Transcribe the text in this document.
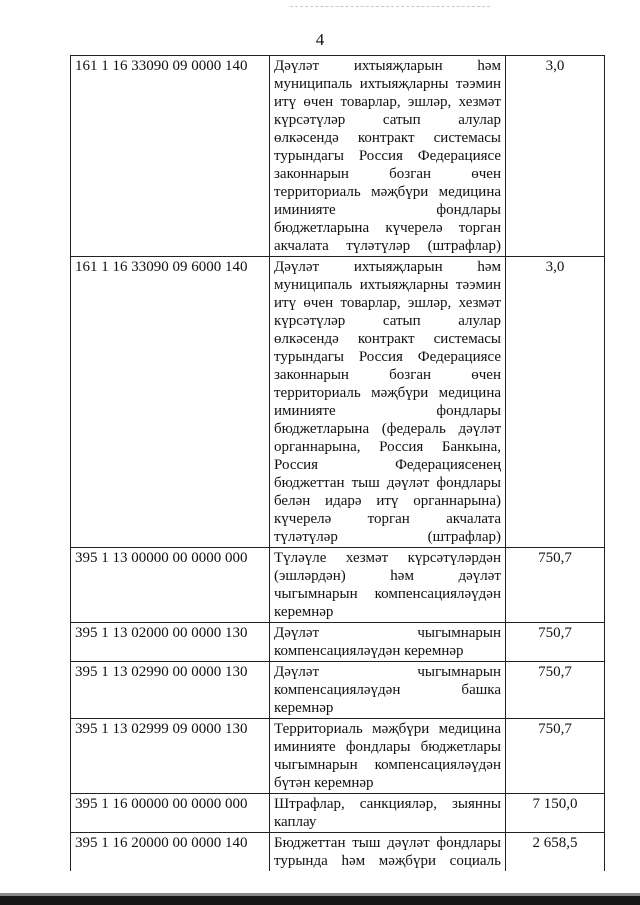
4
161 1 16 33090 09 0000 140	Дәүләт ихтыяҗларын һәм муниципаль ихтыяҗларны тәэмин итү өчен товарлар, эшләр, хезмәт күрсәтүләр сатып алулар өлкәсендә контракт системасы турындагы Россия Федерациясе законнарын бозган өчен территориаль мәҗбүри медицина иминияте фондлары бюджетларына күчерелә торган акчалата түләтүләр (штрафлар)	3,0
161 1 16 33090 09 6000 140	Дәүләт ихтыяҗларын һәм муниципаль ихтыяҗларны тәэмин итү өчен товарлар, эшләр, хезмәт күрсәтүләр сатып алулар өлкәсендә контракт системасы турындагы Россия Федерациясе законнарын бозган өчен территориаль мәҗбүри медицина иминияте фондлары бюджетларына (федераль дәүләт органнарына, Россия Банкына, Россия Федерациясенең бюджеттан тыш дәүләт фондлары белән идарә итү органнарына) күчерелә торган акчалата түләтүләр (штрафлар)	3,0
395 1 13 00000 00 0000 000	Түләүле хезмәт күрсәтүләрдән (эшләрдән) һәм дәүләт чыгымнарын компенсацияләүдән керемнәр	750,7
395 1 13 02000 00 0000 130	Дәүләт чыгымнарын компенсацияләүдән керемнәр	750,7
395 1 13 02990 00 0000 130	Дәүләт чыгымнарын компенсацияләүдән башка керемнәр	750,7
395 1 13 02999 09 0000 130	Территориаль мәҗбүри медицина иминияте фондлары бюджетлары чыгымнарын компенсацияләүдән бүтән керемнәр	750,7
395 1 16 00000 00 0000 000	Штрафлар, санкцияләр, зыянны каплау	7 150,0
395 1 16 20000 00 0000 140	Бюджеттан тыш дәүләт фондлары турында һәм мәҗбүри социаль	2 658,5
